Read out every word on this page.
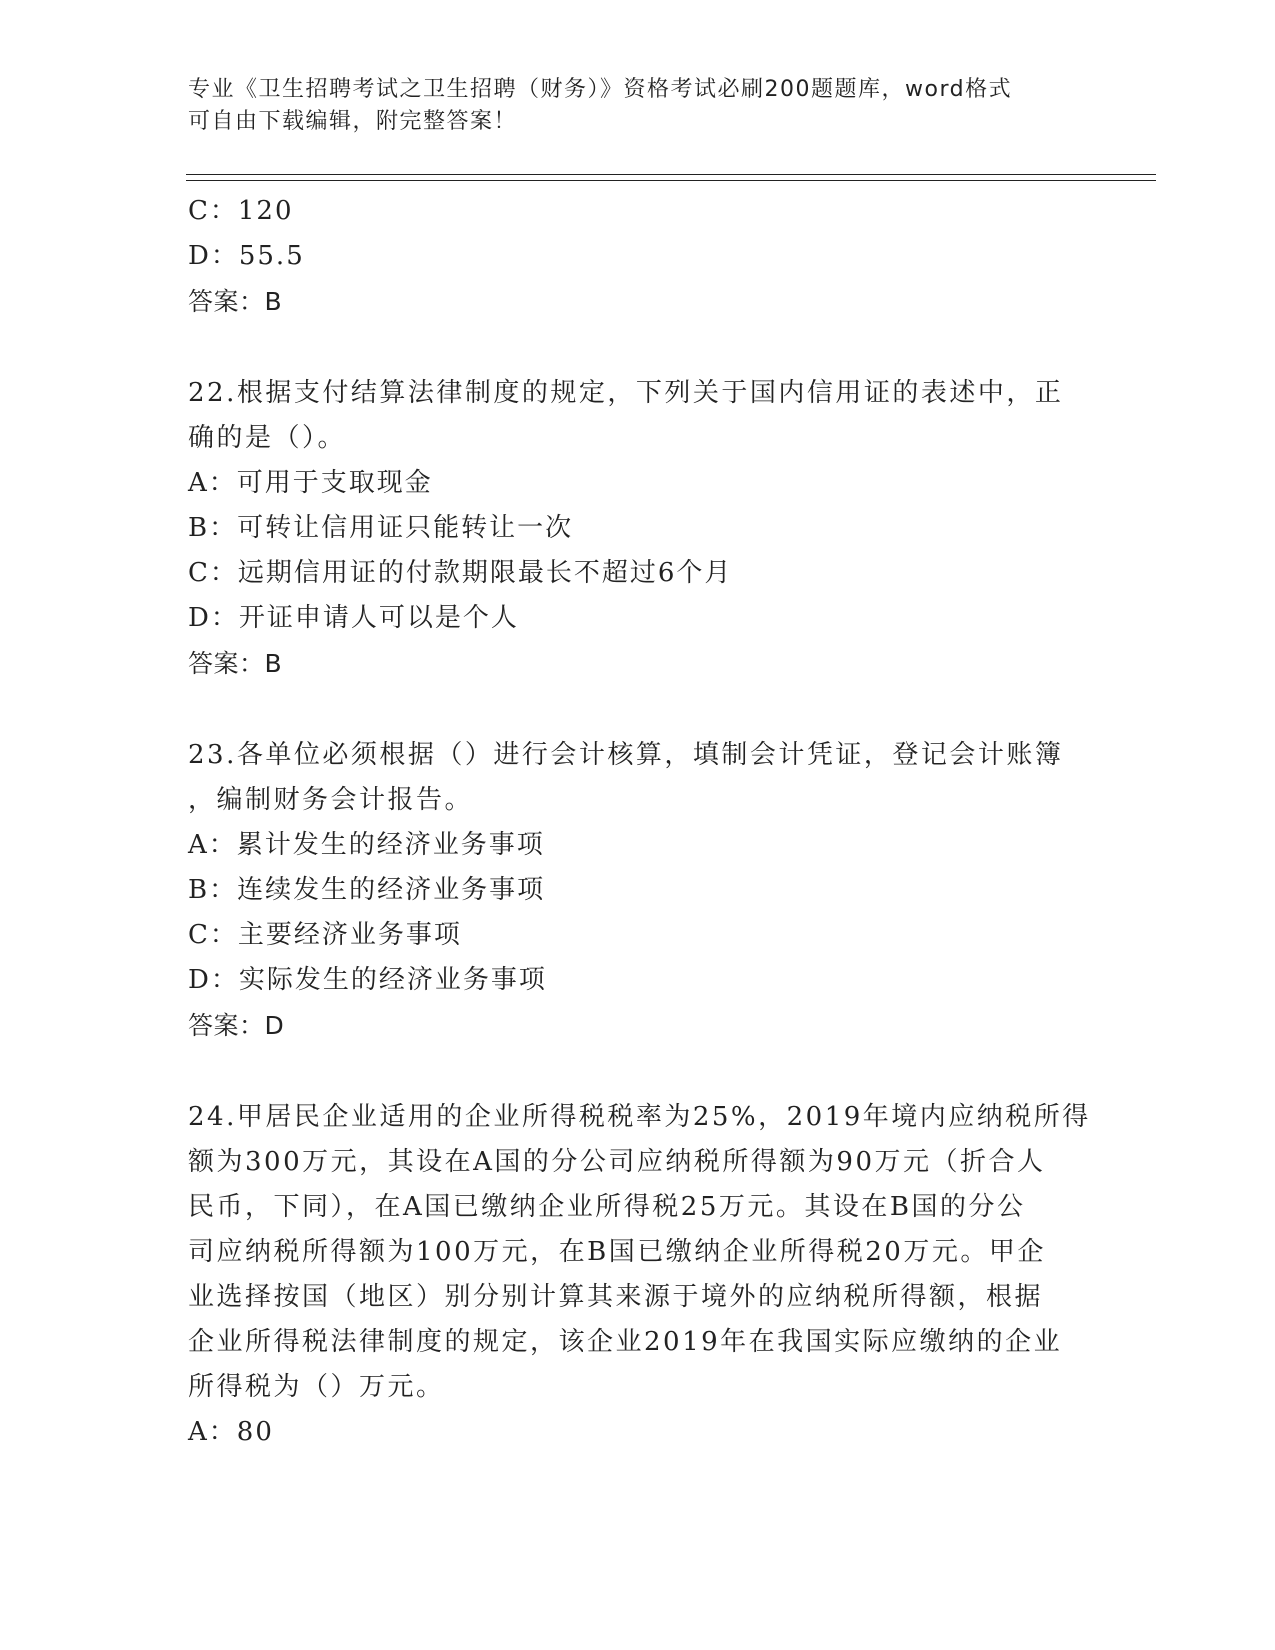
专业《卫生招聘考试之卫生招聘（财务）》资格考试必刷200题题库，word格式
可自由下载编辑，附完整答案！
C：120
D：55.5
答案：B
22.根据支付结算法律制度的规定，下列关于国内信用证的表述中，正
确的是（）。
A：可用于支取现金
B：可转让信用证只能转让一次
C：远期信用证的付款期限最长不超过6个月
D：开证申请人可以是个人
答案：B
23.各单位必须根据（）进行会计核算，填制会计凭证，登记会计账簿
，编制财务会计报告。
A：累计发生的经济业务事项
B：连续发生的经济业务事项
C：主要经济业务事项
D：实际发生的经济业务事项
答案：D
24.甲居民企业适用的企业所得税税率为25%，2019年境内应纳税所得
额为300万元，其设在A国的分公司应纳税所得额为90万元（折合人
民币，下同），在A国已缴纳企业所得税25万元。其设在B国的分公
司应纳税所得额为100万元，在B国已缴纳企业所得税20万元。甲企
业选择按国（地区）别分别计算其来源于境外的应纳税所得额，根据
企业所得税法律制度的规定，该企业2019年在我国实际应缴纳的企业
所得税为（）万元。
A：80
